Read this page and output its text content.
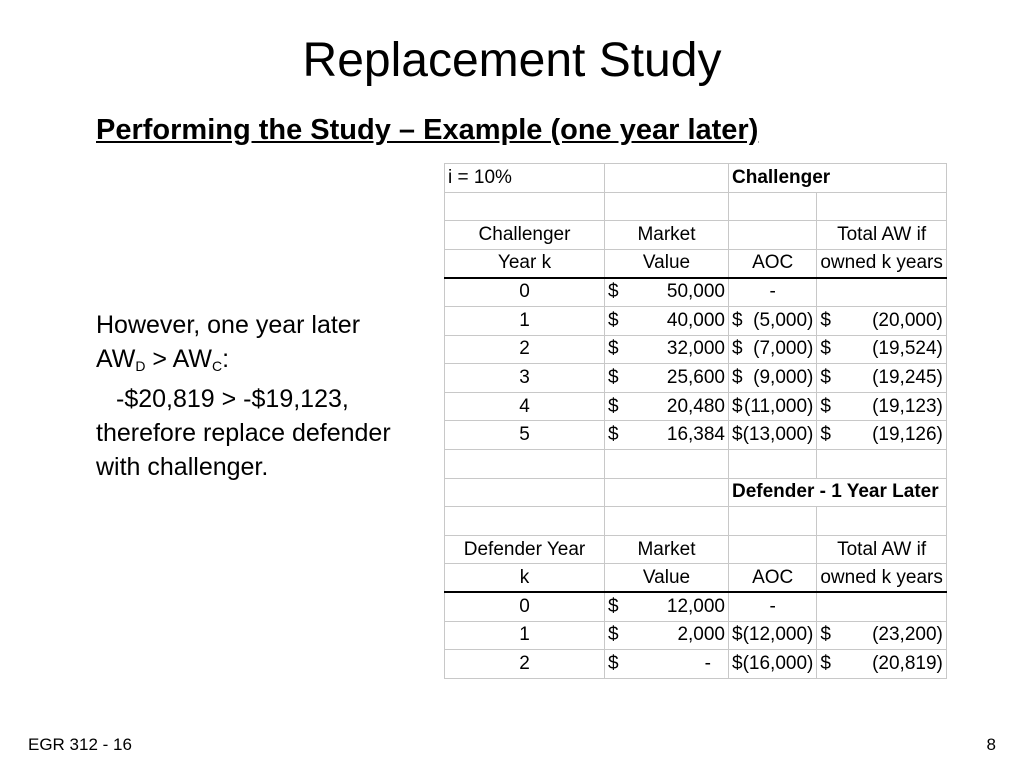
Replacement Study
Performing the Study – Example (one year later)

However, one year later
$AW_D > AW_C$:

-$20,819 > -$19,123, therefore replace defender with challenger.

i = 10%		Challenger	

Challenger	Market		Total AW if
Year k	Value	AOC	owned k years
0	$ 50,000	-	
1	$ 40,000	$ (5,000)	$ (20,000)

2	$ 32,000	$ (7,000)	$ (19,524)

3	$ 25,600	$ (9,000)	$ (19,245)

4	$ 20,480	$ (11,000)	$ (19,123)

5	$ 16,384	$ (13,000)	$ (19,126)

		Defender - 1 Year Later	

Defender Year	Market		Total AW if
k	Value	AOC	owned k years
0	$ 12,000	-	
1	$ 2,000	$ (12,000)	$ (23,200)

2	$ -	$ (16,000)	$ (20,819)
EGR 312 - 16	8
